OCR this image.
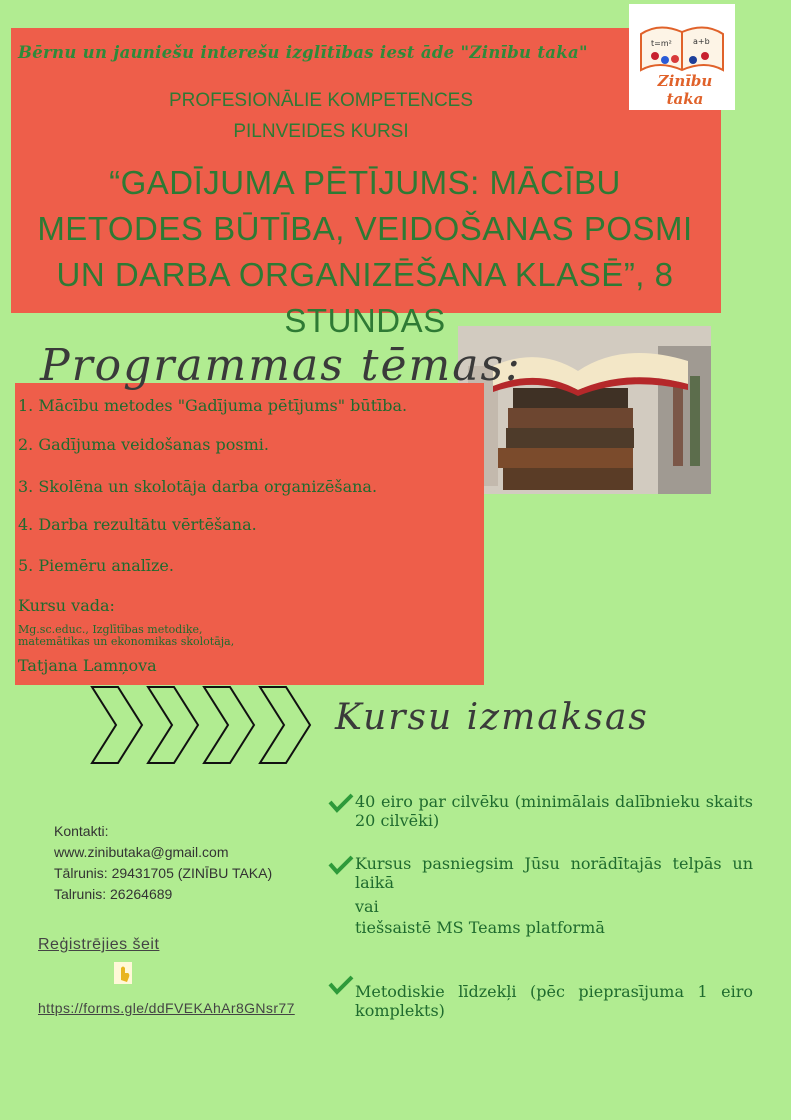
Bērnu un jauniešu interešu izglītības iest āde "Zinību taka"
PROFESIONĀLIE KOMPETENCES
PILNVEIDES KURSI
“GADĪJUMA PĒTĪJUMS: MĀCĪBU METODES BŪTĪBA, VEIDOŠANAS POSMI UN DARBA ORGANIZĒŠANA KLASĒ”, 8 STUNDAS
t=m²	a+b
Zinību taka
Programmas tēmas:
1. Mācību metodes "Gadījuma pētījums" būtība.
2. Gadījuma veidošanas posmi.
3. Skolēna un skolotāja darba organizēšana.
4. Darba rezultātu vērtēšana.
5. Piemēru analīze.
Kursu vada:
Mg.sc.educ., Izglītības metodiķe,
matemātikas un ekonomikas skolotāja,
Tatjana Lamņova
Kursu izmaksas
40 eiro par cilvēku (minimālais dalībnieku skaits 20 cilvēki)
Kursus pasniegsim Jūsu norādītajās telpās un laikā
vai
tiešsaistē MS Teams platformā
Metodiskie līdzekļi (pēc pieprasījuma 1 eiro komplekts)
Kontakti:
www.zinibutaka@gmail.com
Tālrunis: 29431705 (ZINĪBU TAKA)
Talrunis: 26264689
Reģistrējies šeit
https://forms.gle/ddFVEKAhAr8GNsr77
